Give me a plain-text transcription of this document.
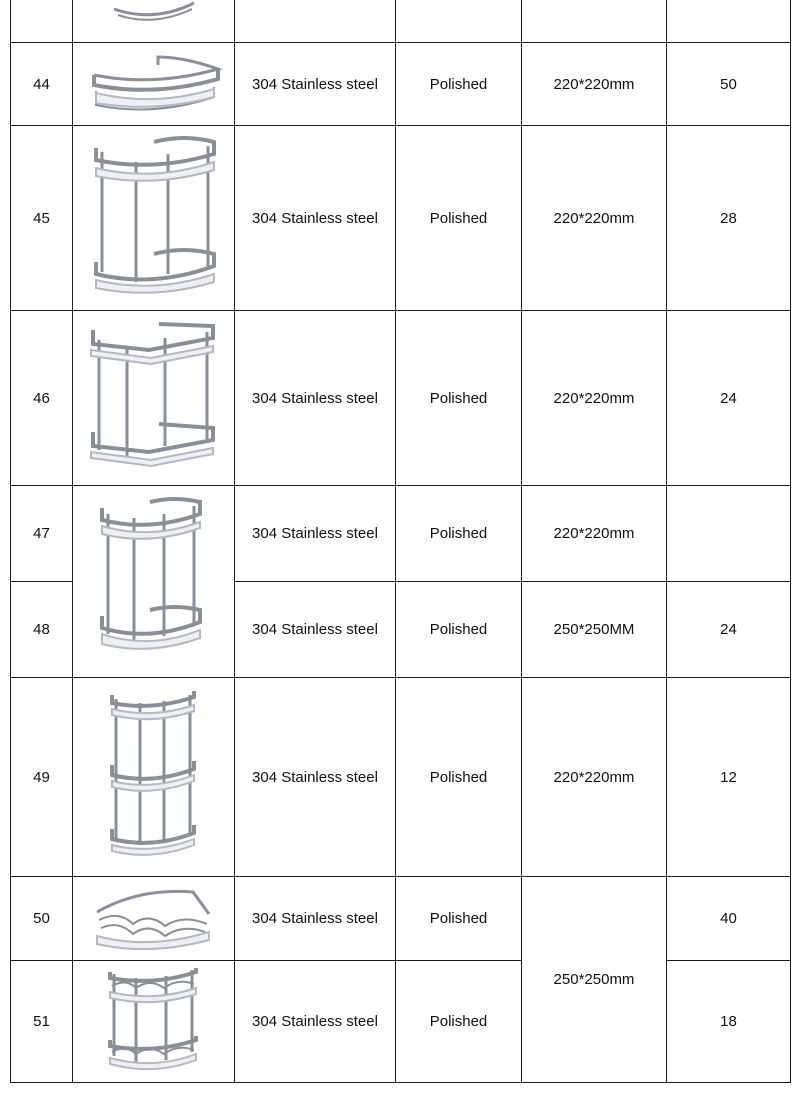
44		304 Stainless steel	Polished	220*220mm	50
45		304 Stainless steel	Polished	220*220mm	28
46		304 Stainless steel	Polished	220*220mm	24
47		304 Stainless steel	Polished	220*220mm	
48		304 Stainless steel	Polished	250*250MM	24
49		304 Stainless steel	Polished	220*220mm	12
50		304 Stainless steel	Polished	250*250mm	40
51		304 Stainless steel	Polished		18
